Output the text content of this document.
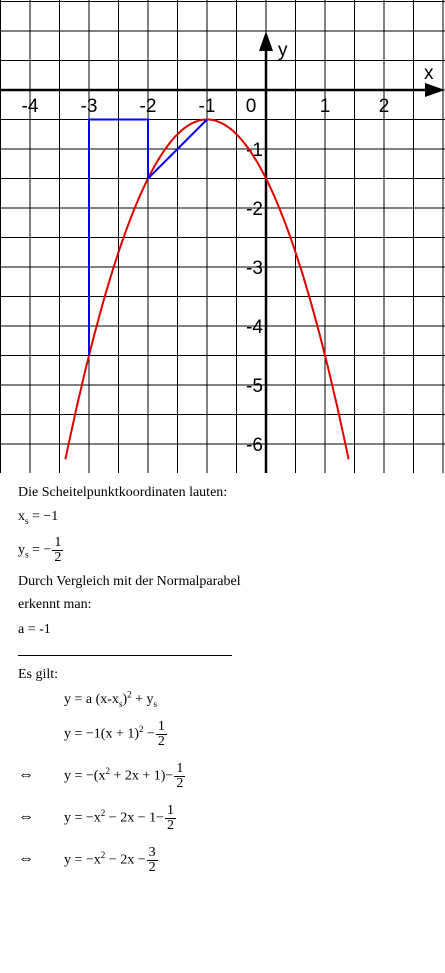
-4 -3 -2 -1 0	1	2
-1
-2
-3
-4
-5
-6
x
y
Die Scheitelpunktkoordinaten lauten:
$x_s = -1$
$y_s$ = − $\frac{1}{2}$
Durch Vergleich mit der Normalparabel
erkennt man:
a = -1
Es gilt:
y = a $(x-x_s)^2 + y_s$
$y = -1(x + 1)^2 - \frac{1}{2}$
⇔ $y = -(x^2 + 2x + 1)- \frac{1}{2}$
⇔ $y = -x^2 - 2x - 1- \frac{1}{2}$
⇔ $y = -x^2 - 2x - \frac{3}{2}$
